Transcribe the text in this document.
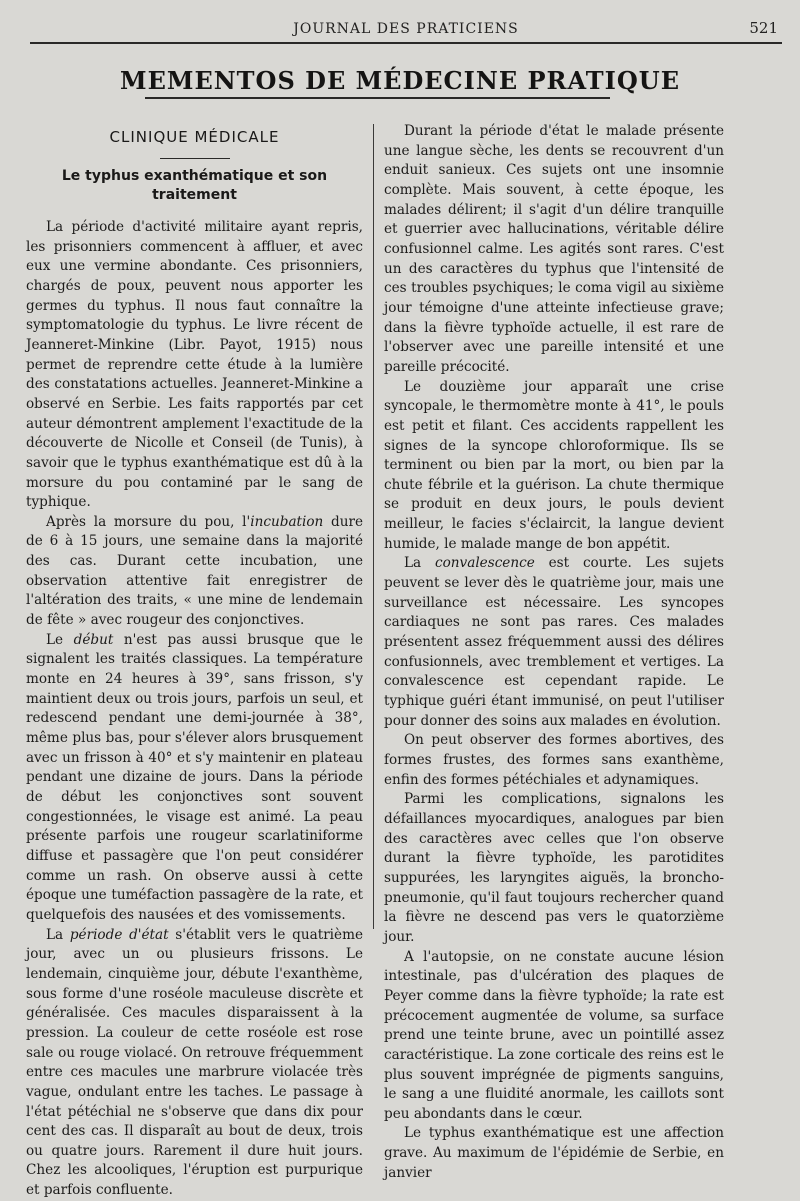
JOURNAL DES PRATICIENS	521
MEMENTOS DE MÉDECINE PRATIQUE
CLINIQUE MÉDICALE
Le typhus exanthématique et son traitement

La période d'activité militaire ayant repris, les prisonniers commencent à affluer, et avec eux une vermine abondante. Ces prisonniers, chargés de poux, peuvent nous apporter les germes du typhus. Il nous faut connaître la symptomatologie du typhus. Le livre récent de Jeanneret-Minkine (Libr. Payot, 1915) nous permet de reprendre cette étude à la lumière des constatations actuelles. Jeanneret-Minkine a observé en Serbie. Les faits rapportés par cet auteur démontrent amplement l'exactitude de la découverte de Nicolle et Conseil (de Tunis), à savoir que le typhus exanthématique est dû à la morsure du pou contaminé par le sang de typhique.

Après la morsure du pou, l'incubation dure de 6 à 15 jours, une semaine dans la majorité des cas. Durant cette incubation, une observation attentive fait enregistrer de l'altération des traits, « une mine de lendemain de fête » avec rougeur des conjonctives.

Le début n'est pas aussi brusque que le signalent les traités classiques. La température monte en 24 heures à 39°, sans frisson, s'y maintient deux ou trois jours, parfois un seul, et redescend pendant une demi-journée à 38°, même plus bas, pour s'élever alors brusquement avec un frisson à 40° et s'y maintenir en plateau pendant une dizaine de jours. Dans la période de début les conjonctives sont souvent congestionnées, le visage est animé. La peau présente parfois une rougeur scarlatiniforme diffuse et passagère que l'on peut considérer comme un rash. On observe aussi à cette époque une tuméfaction passagère de la rate, et quelquefois des nausées et des vomissements.

La période d'état s'établit vers le quatrième jour, avec un ou plusieurs frissons. Le lendemain, cinquième jour, débute l'exanthème, sous forme d'une roséole maculeuse discrète et généralisée. Ces macules disparaissent à la pression. La couleur de cette roséole est rose sale ou rouge violacé. On retrouve fréquemment entre ces macules une marbrure violacée très vague, ondulant entre les taches. Le passage à l'état pétéchial ne s'observe que dans dix pour cent des cas. Il disparaît au bout de deux, trois ou quatre jours. Rarement il dure huit jours. Chez les alcooliques, l'éruption est purpurique et parfois confluente.

Durant la période d'état le malade présente une langue sèche, les dents se recouvrent d'un enduit sanieux. Ces sujets ont une insomnie complète. Mais souvent, à cette époque, les malades délirent; il s'agit d'un délire tranquille et guerrier avec hallucinations, véritable délire confusionnel calme. Les agités sont rares. C'est un des caractères du typhus que l'intensité de ces troubles psychiques; le coma vigil au sixième jour témoigne d'une atteinte infectieuse grave; dans la fièvre typhoïde actuelle, il est rare de l'observer avec une pareille intensité et une pareille précocité.

Le douzième jour apparaît une crise syncopale, le thermomètre monte à 41°, le pouls est petit et filant. Ces accidents rappellent les signes de la syncope chloroformique. Ils se terminent ou bien par la mort, ou bien par la chute fébrile et la guérison. La chute thermique se produit en deux jours, le pouls devient meilleur, le facies s'éclaircit, la langue devient humide, le malade mange de bon appétit.

La convalescence est courte. Les sujets peuvent se lever dès le quatrième jour, mais une surveillance est nécessaire. Les syncopes cardiaques ne sont pas rares. Ces malades présentent assez fréquemment aussi des délires confusionnels, avec tremblement et vertiges. La convalescence est cependant rapide. Le typhique guéri étant immunisé, on peut l'utiliser pour donner des soins aux malades en évolution.

On peut observer des formes abortives, des formes frustes, des formes sans exanthème, enfin des formes pétéchiales et adynamiques.

Parmi les complications, signalons les défaillances myocardiques, analogues par bien des caractères avec celles que l'on observe durant la fièvre typhoïde, les parotidites suppurées, les laryngites aiguës, la broncho-pneumonie, qu'il faut toujours rechercher quand la fièvre ne descend pas vers le quatorzième jour.

A l'autopsie, on ne constate aucune lésion intestinale, pas d'ulcération des plaques de Peyer comme dans la fièvre typhoïde; la rate est précocement augmentée de volume, sa surface prend une teinte brune, avec un pointillé assez caractéristique. La zone corticale des reins est le plus souvent imprégnée de pigments sanguins, le sang a une fluidité anormale, les caillots sont peu abondants dans le cœur.

Le typhus exanthématique est une affection grave. Au maximum de l'épidémie de Serbie, en janvier
